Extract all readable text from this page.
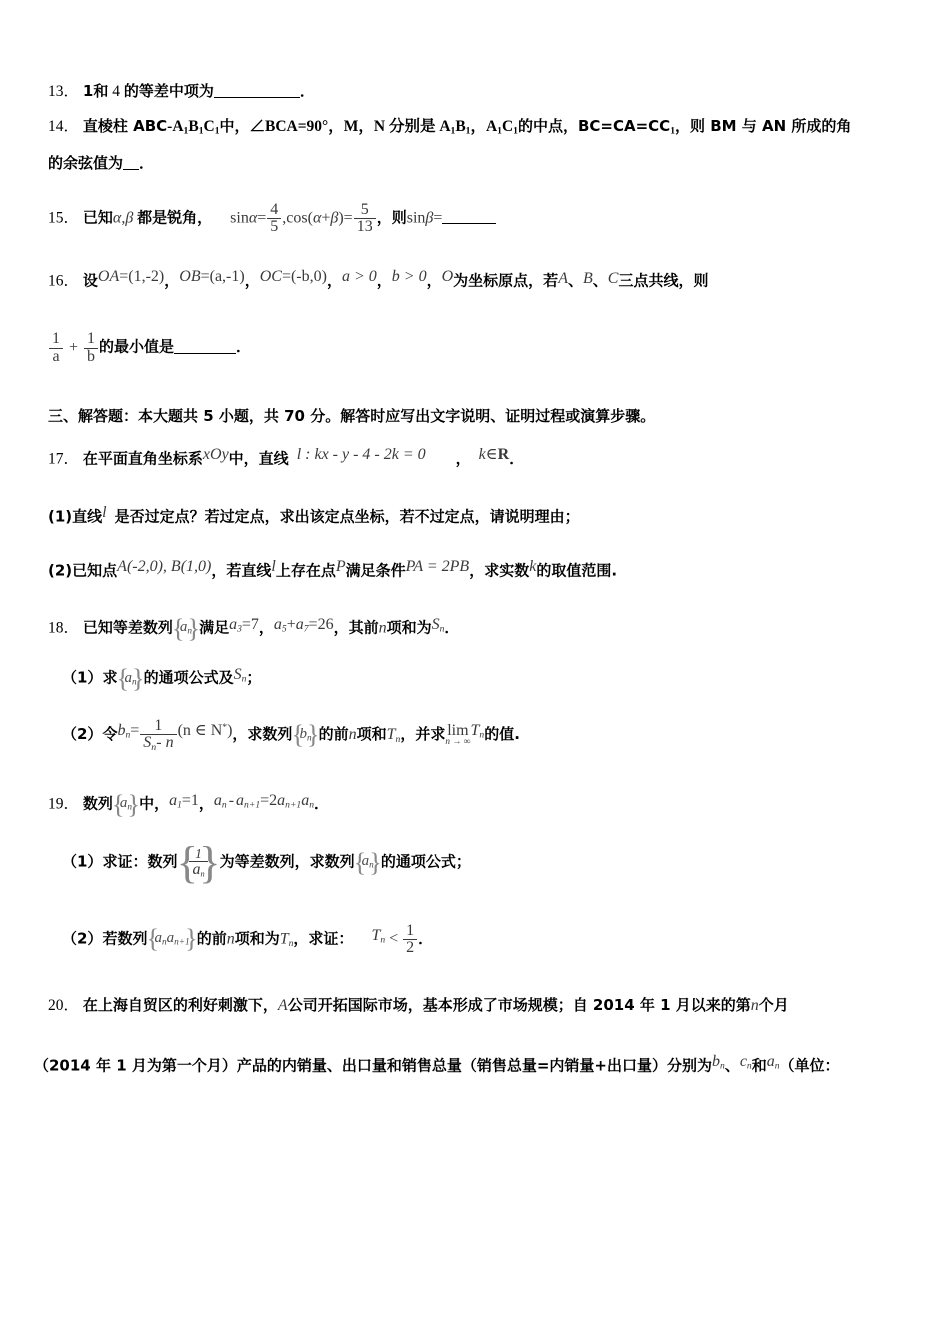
13． 1和 4 的等差中项为	．
14． 直棱柱 ABC-A1B1C1中，∠BCA=90°，M，N 分别是 A1B1，A1C1的中点，BC=CA=CC1，则 BM 与 AN 所成的角
的余弦值为 ．
15． 已知α,β 都是锐角， $\sin\alpha= \frac{4}{5} ,\cos(\alpha+\beta)= \frac{5}{13}$ ，则sinβ=
16． 设OA=(1,-2)，OB=(a,-1)，OC=(-b,0)，a > 0，b > 0，O为坐标原点，若A、B、C三点共线，则
$\frac{1}{a} + \frac{1}{b}$ 的最小值是	．
三、解答题：本大题共 5 小题，共 70 分。解答时应写出文字说明、证明过程或演算步骤。
17． 在平面直角坐标系xOy中，直线 l : kx - y - 4 - 2k = 0 ， k∈R．
(1)直线l 是否过定点？若过定点，求出该定点坐标，若不过定点，请说明理由；
(2)已知点A(-2,0), B(1,0)，若直线l上存在点P满足条件PA = 2PB，求实数k的取值范围.
18． 已知等差数列 { $a_n$ } 满足$a_3=7$，$a_5+a_7=26$，其前n项和为$S_n$．
（1）求 { $a_n$ } 的通项公式及$S_n$；
（2）令$b_n= \frac{1}{S_n- n} (n$ ∈ N*)，求数列 { $b_n$ } 的前n项和$T_n$，并求 lim
n → ∞
$T_n$的值.
19． 数列 { $a_n$ } 中，$a_1=1$，$a_n - a_{n+1}=2a_{n+1}a_n$．
（1）求证：数列 { $\frac{1}{a_n}$
} 为等差数列，求数列 { $a_n$ } 的通项公式；
（2）若数列 { $a_na_{n+1}$ } 的前n项和为$T_n$，求证： $T_n < \frac{1}{2}$ ．
20． 在上海自贸区的利好刺激下，A公司开拓国际市场，基本形成了市场规模；自 2014 年 1 月以来的第n个月
（2014 年 1 月为第一个月）产品的内销量、出口量和销售总量（销售总量=内销量+出口量）分别为$b_n$、$c_n$和$a_n$（单位：
